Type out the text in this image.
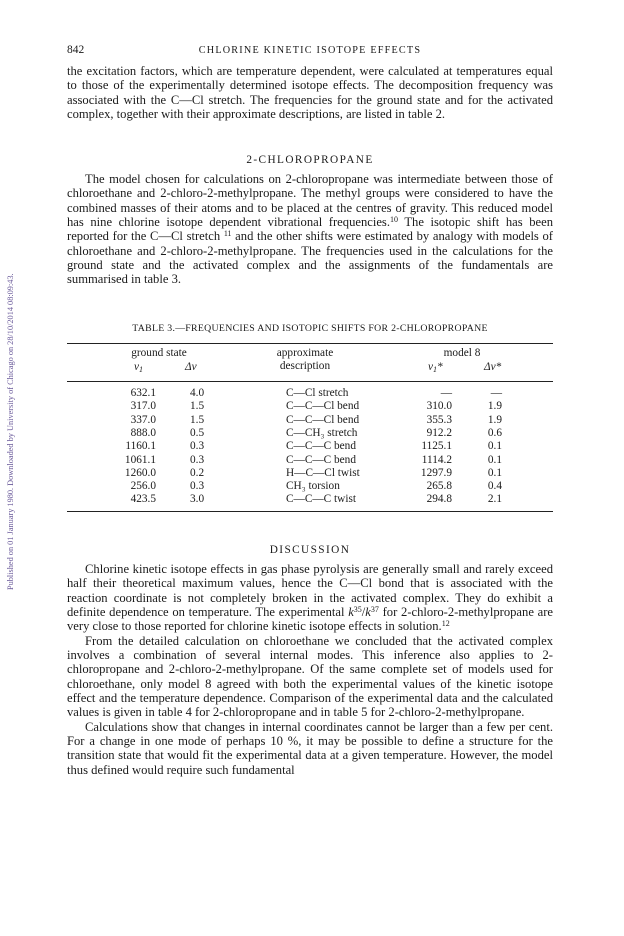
Published on 01 January 1980. Downloaded by University of Chicago on 28/10/2014 08:09:43.
842	CHLORINE KINETIC ISOTOPE EFFECTS

the excitation factors, which are temperature dependent, were calculated at temperatures equal to those of the experimentally determined isotope effects. The decomposition frequency was associated with the C—Cl stretch. The frequencies for the ground state and for the activated complex, together with their approximate descriptions, are listed in table 2.

2-CHLOROPROPANE

The model chosen for calculations on 2-chloropropane was intermediate between those of chloroethane and 2-chloro-2-methylpropane. The methyl groups were considered to have the combined masses of their atoms and to be placed at the centres of gravity. This reduced model has nine chlorine isotope dependent vibrational frequencies.$^{10}$ The isotopic shift has been reported for the C—Cl stretch $^{11}$ and the other shifts were estimated by analogy with models of chloroethane and 2-chloro-2-methylpropane. The frequencies used in the calculations for the ground state and the activated complex and the assignments of the fundamentals are summarised in table 3.

TABLE 3.—FREQUENCIES AND ISOTOPIC SHIFTS FOR 2-CHLOROPROPANE
ground state	approximate
description
model 8
$\nu_1$	Δν	$\nu_1*$	Δν*
632.1	4.0	C—Cl stretch	—	—
317.0	1.5	C—C—Cl bend	310.0	1.9
337.0	1.5	C—C—Cl bend	355.3	1.9
888.0	0.5	C—CH₃ stretch	912.2	0.6
1160.1	0.3	C—C—C bend	1125.1	0.1
1061.1	0.3	C—C—C bend	1114.2	0.1
1260.0	0.2	H—C—Cl twist	1297.9	0.1
256.0	0.3	CH₃ torsion	265.8	0.4
423.5	3.0	C—C—C twist	294.8	2.1
DISCUSSION

Chlorine kinetic isotope effects in gas phase pyrolysis are generally small and rarely exceed half their theoretical maximum values, hence the C—Cl bond that is associated with the reaction coordinate is not completely broken in the activated complex. They do exhibit a definite dependence on temperature. The experimental $k^{35}/k^{37}$ for 2-chloro-2-methylpropane are very close to those reported for chlorine kinetic isotope effects in solution.$^{12}$

From the detailed calculation on chloroethane we concluded that the activated complex involves a combination of several internal modes. This inference also applies to 2-chloropropane and 2-chloro-2-methylpropane. Of the same complete set of models used for chloroethane, only model 8 agreed with both the experimental values of the kinetic isotope effect and the temperature dependence. Comparison of the experimental data and the calculated values is given in table 4 for 2-chloropropane and in table 5 for 2-chloro-2-methylpropane.

Calculations show that changes in internal coordinates cannot be larger than a few per cent. For a change in one mode of perhaps 10 %, it may be possible to define a structure for the transition state that would fit the experimental data at a given temperature. However, the model thus defined would require such fundamental
